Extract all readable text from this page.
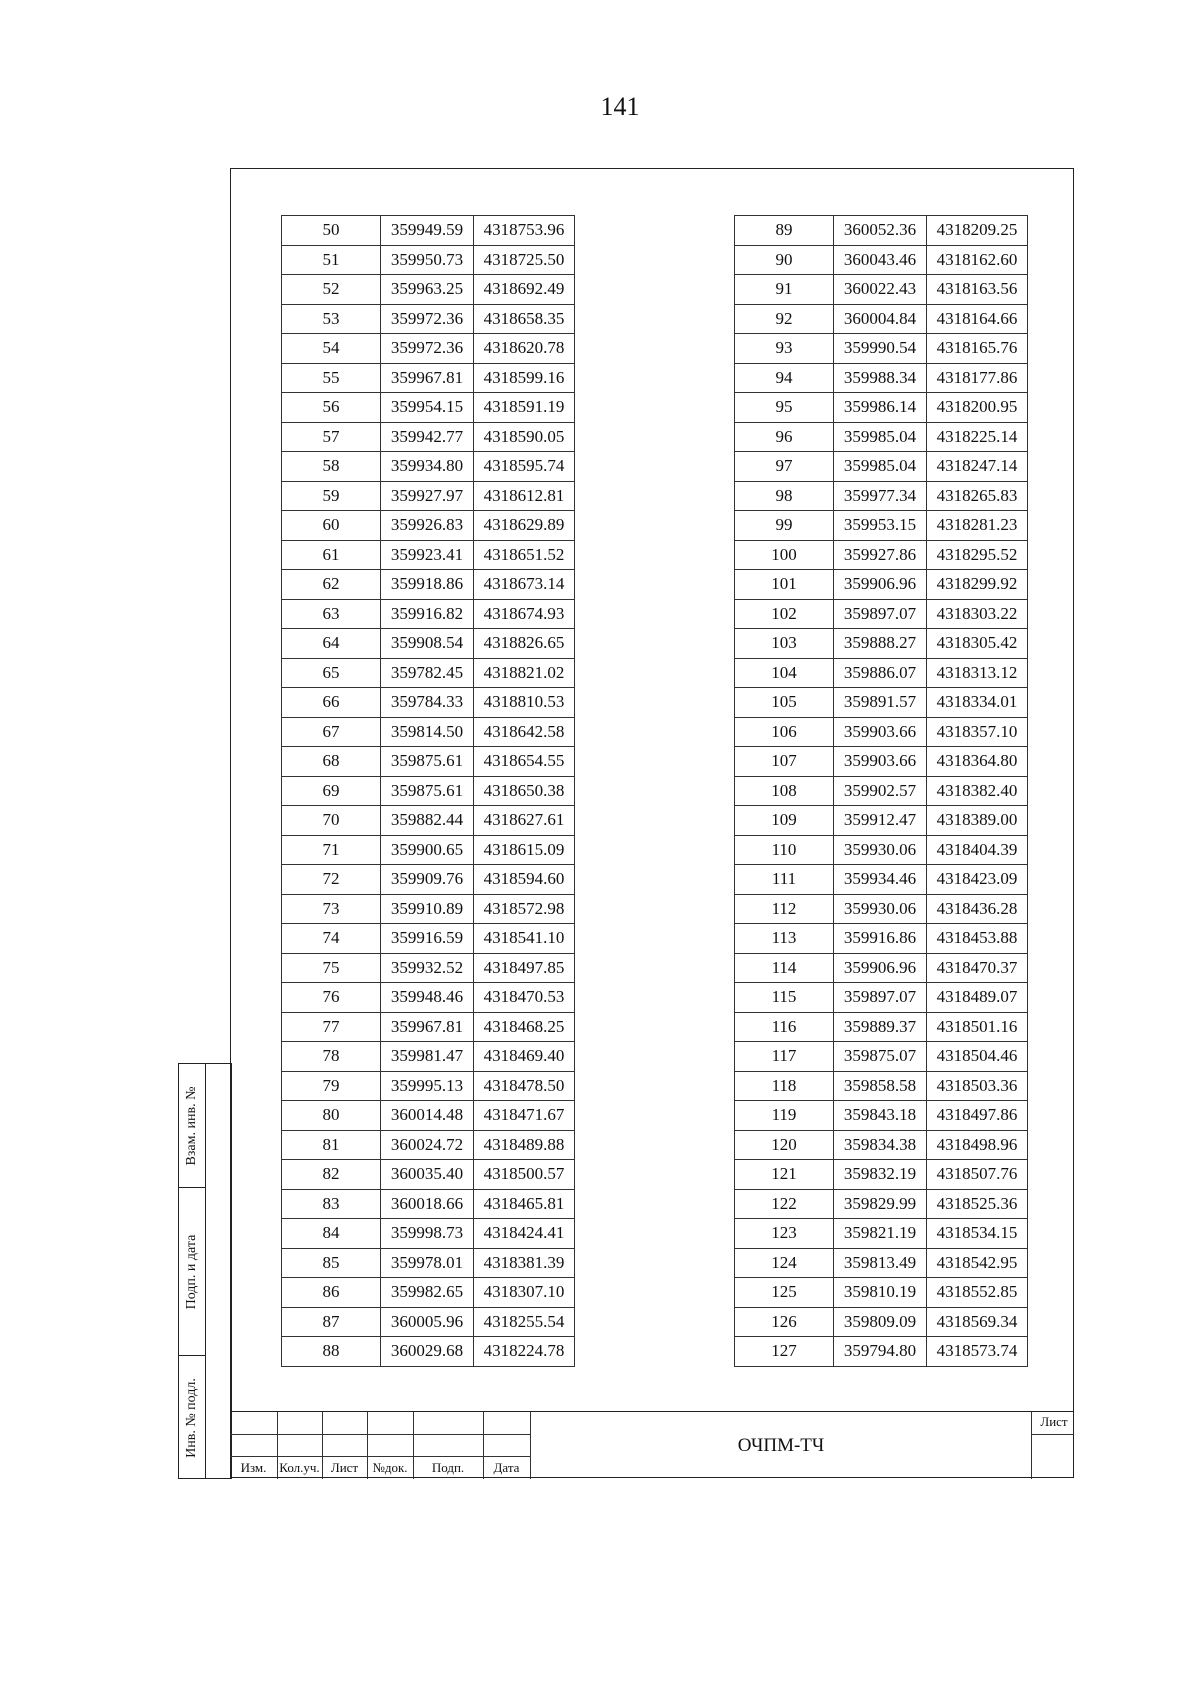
141
50	359949.59	4318753.96
51	359950.73	4318725.50
52	359963.25	4318692.49
53	359972.36	4318658.35
54	359972.36	4318620.78
55	359967.81	4318599.16
56	359954.15	4318591.19
57	359942.77	4318590.05
58	359934.80	4318595.74
59	359927.97	4318612.81
60	359926.83	4318629.89
61	359923.41	4318651.52
62	359918.86	4318673.14
63	359916.82	4318674.93
64	359908.54	4318826.65
65	359782.45	4318821.02
66	359784.33	4318810.53
67	359814.50	4318642.58
68	359875.61	4318654.55
69	359875.61	4318650.38
70	359882.44	4318627.61
71	359900.65	4318615.09
72	359909.76	4318594.60
73	359910.89	4318572.98
74	359916.59	4318541.10
75	359932.52	4318497.85
76	359948.46	4318470.53
77	359967.81	4318468.25
78	359981.47	4318469.40
79	359995.13	4318478.50
80	360014.48	4318471.67
81	360024.72	4318489.88
82	360035.40	4318500.57
83	360018.66	4318465.81
84	359998.73	4318424.41
85	359978.01	4318381.39
86	359982.65	4318307.10
87	360005.96	4318255.54
88	360029.68	4318224.78
89	360052.36	4318209.25
90	360043.46	4318162.60
91	360022.43	4318163.56
92	360004.84	4318164.66
93	359990.54	4318165.76
94	359988.34	4318177.86
95	359986.14	4318200.95
96	359985.04	4318225.14
97	359985.04	4318247.14
98	359977.34	4318265.83
99	359953.15	4318281.23
100	359927.86	4318295.52
101	359906.96	4318299.92
102	359897.07	4318303.22
103	359888.27	4318305.42
104	359886.07	4318313.12
105	359891.57	4318334.01
106	359903.66	4318357.10
107	359903.66	4318364.80
108	359902.57	4318382.40
109	359912.47	4318389.00
110	359930.06	4318404.39
111	359934.46	4318423.09
112	359930.06	4318436.28
113	359916.86	4318453.88
114	359906.96	4318470.37
115	359897.07	4318489.07
116	359889.37	4318501.16
117	359875.07	4318504.46
118	359858.58	4318503.36
119	359843.18	4318497.86
120	359834.38	4318498.96
121	359832.19	4318507.76
122	359829.99	4318525.36
123	359821.19	4318534.15
124	359813.49	4318542.95
125	359810.19	4318552.85
126	359809.09	4318569.34
127	359794.80	4318573.74
Взам. инв. №
Подп. и дата
Инв. № подл.
Изм. Кол.уч. Лист	№док.	Подп.	Дата
ОЧПМ-ТЧ
Лист
